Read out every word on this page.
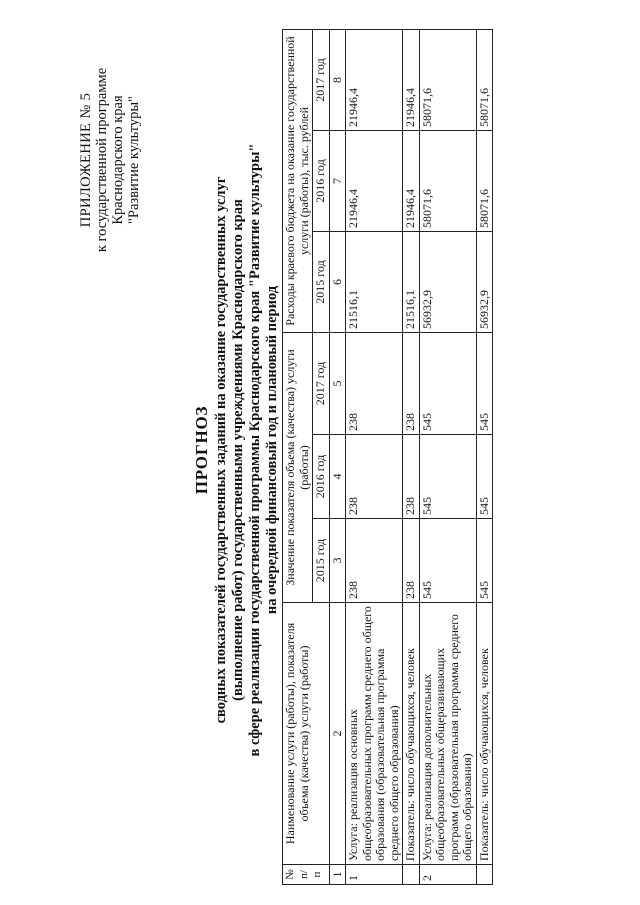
ПРИЛОЖЕНИЕ № 5 к государственной программе Краснодарского края "Развитие культуры"
ПРОГНОЗ сводных показателей государственных заданий на оказание государственных услуг (выполнение работ) государственными учреждениями Краснодарского края в сфере реализации государственной программы Краснодарского края "Развитие культуры" на очередной финансовый год и плановый период
№ п/п	Наименование услуги (работы), показателя объема (качества) услуги (работы)	Значение показателя объема (качества) услуги (работы)			Расходы краевого бюджета на оказание государственной услуги (работы), тыс. рублей		
		2015 год	2016 год	2017 год	2015 год	2016 год	2017 год
1	2	3	4	5	6	7	8
1	Услуга: реализация основных общеобразовательных программ среднего общего образования (образовательная программа среднего общего образования)	238	238	238	21516,1	21946,4	21946,4
	Показатель: число обучающихся, человек	238	238	238	21516,1	21946,4	21946,4
2	Услуга: реализация дополнительных общеобразовательных общеразвивающих программ (образовательная программа среднего общего образования)	545	545	545	56932,9	58071,6	58071,6
	Показатель: число обучающихся, человек	545	545	545	56932,9	58071,6	58071,6
